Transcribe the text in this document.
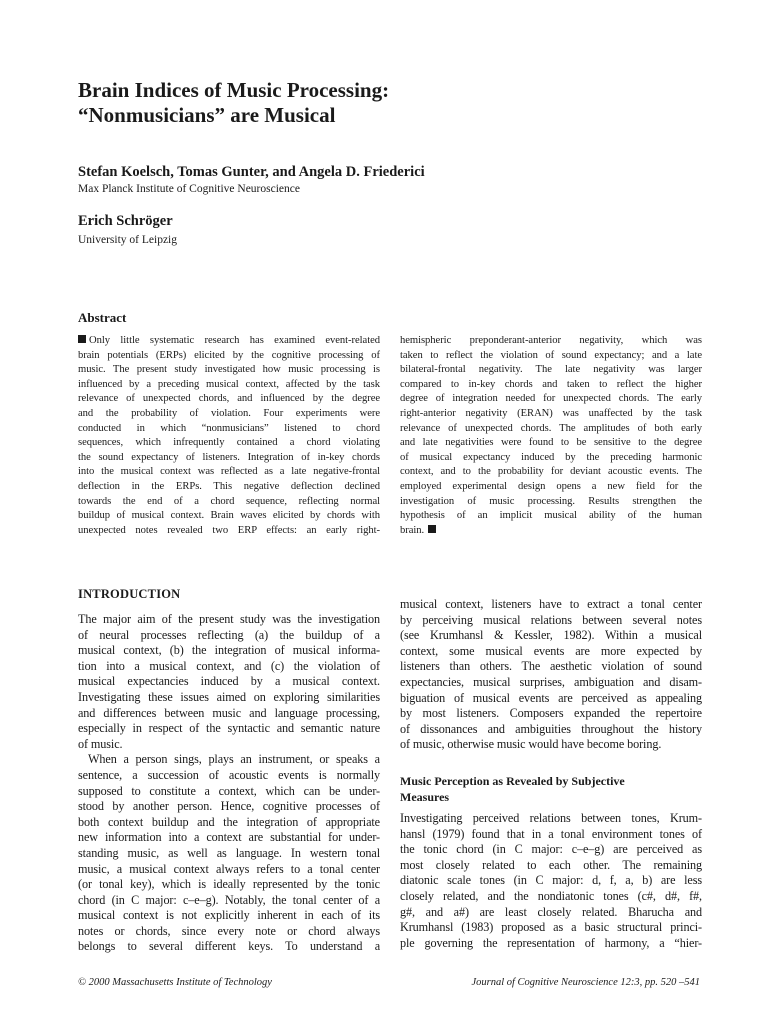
Brain Indices of Music Processing:
“Nonmusicians” are Musical
Stefan Koelsch, Tomas Gunter, and Angela D. Friederici
Max Planck Institute of Cognitive Neuroscience
Erich Schröger
University of Leipzig
Abstract
Only little systematic research has examined event-related
brain potentials (ERPs) elicited by the cognitive processing of
music. The present study investigated how music processing is
influenced by a preceding musical context, affected by the task
relevance of unexpected chords, and influenced by the degree
and the probability of violation. Four experiments were
conducted in which “nonmusicians” listened to chord
sequences, which infrequently contained a chord violating
the sound expectancy of listeners. Integration of in-key chords
into the musical context was reflected as a late negative-frontal
deflection in the ERPs. This negative deflection declined
towards the end of a chord sequence, reflecting normal
buildup of musical context. Brain waves elicited by chords with
unexpected notes revealed two ERP effects: an early right-
hemispheric preponderant-anterior negativity, which was
taken to reflect the violation of sound expectancy; and a late
bilateral-frontal negativity. The late negativity was larger
compared to in-key chords and taken to reflect the higher
degree of integration needed for unexpected chords. The early
right-anterior negativity (ERAN) was unaffected by the task
relevance of unexpected chords. The amplitudes of both early
and late negativities were found to be sensitive to the degree
of musical expectancy induced by the preceding harmonic
context, and to the probability for deviant acoustic events. The
employed experimental design opens a new field for the
investigation of music processing. Results strengthen the
hypothesis of an implicit musical ability of the human
brain.
INTRODUCTION
The major aim of the present study was the investigation
of neural processes reflecting (a) the buildup of a
musical context, (b) the integration of musical informa-
tion into a musical context, and (c) the violation of
musical expectancies induced by a musical context.
Investigating these issues aimed on exploring similarities
and differences between music and language processing,
especially in respect of the syntactic and semantic nature
of music.
When a person sings, plays an instrument, or speaks a
sentence, a succession of acoustic events is normally
supposed to constitute a context, which can be under-
stood by another person. Hence, cognitive processes of
both context buildup and the integration of appropriate
new information into a context are substantial for under-
standing music, as well as language. In western tonal
music, a musical context always refers to a tonal center
(or tonal key), which is ideally represented by the tonic
chord (in C major: c–e–g). Notably, the tonal center of a
musical context is not explicitly inherent in each of its
notes or chords, since every note or chord always
belongs to several different keys. To understand a
musical context, listeners have to extract a tonal center
by perceiving musical relations between several notes
(see Krumhansl & Kessler, 1982). Within a musical
context, some musical events are more expected by
listeners than others. The aesthetic violation of sound
expectancies, musical surprises, ambiguation and disam-
biguation of musical events are perceived as appealing
by most listeners. Composers expanded the repertoire
of dissonances and ambiguities throughout the history
of music, otherwise music would have become boring.
Music Perception as Revealed by Subjective
Measures
Investigating perceived relations between tones, Krum-
hansl (1979) found that in a tonal environment tones of
the tonic chord (in C major: c–e–g) are perceived as
most closely related to each other. The remaining
diatonic scale tones (in C major: d, f, a, b) are less
closely related, and the nondiatonic tones (c#, d#, f#,
g#, and a#) are least closely related. Bharucha and
Krumhansl (1983) proposed as a basic structural princi-
ple governing the representation of harmony, a “hier-
© 2000 Massachusetts Institute of Technology	Journal of Cognitive Neuroscience 12:3, pp. 520 –541
